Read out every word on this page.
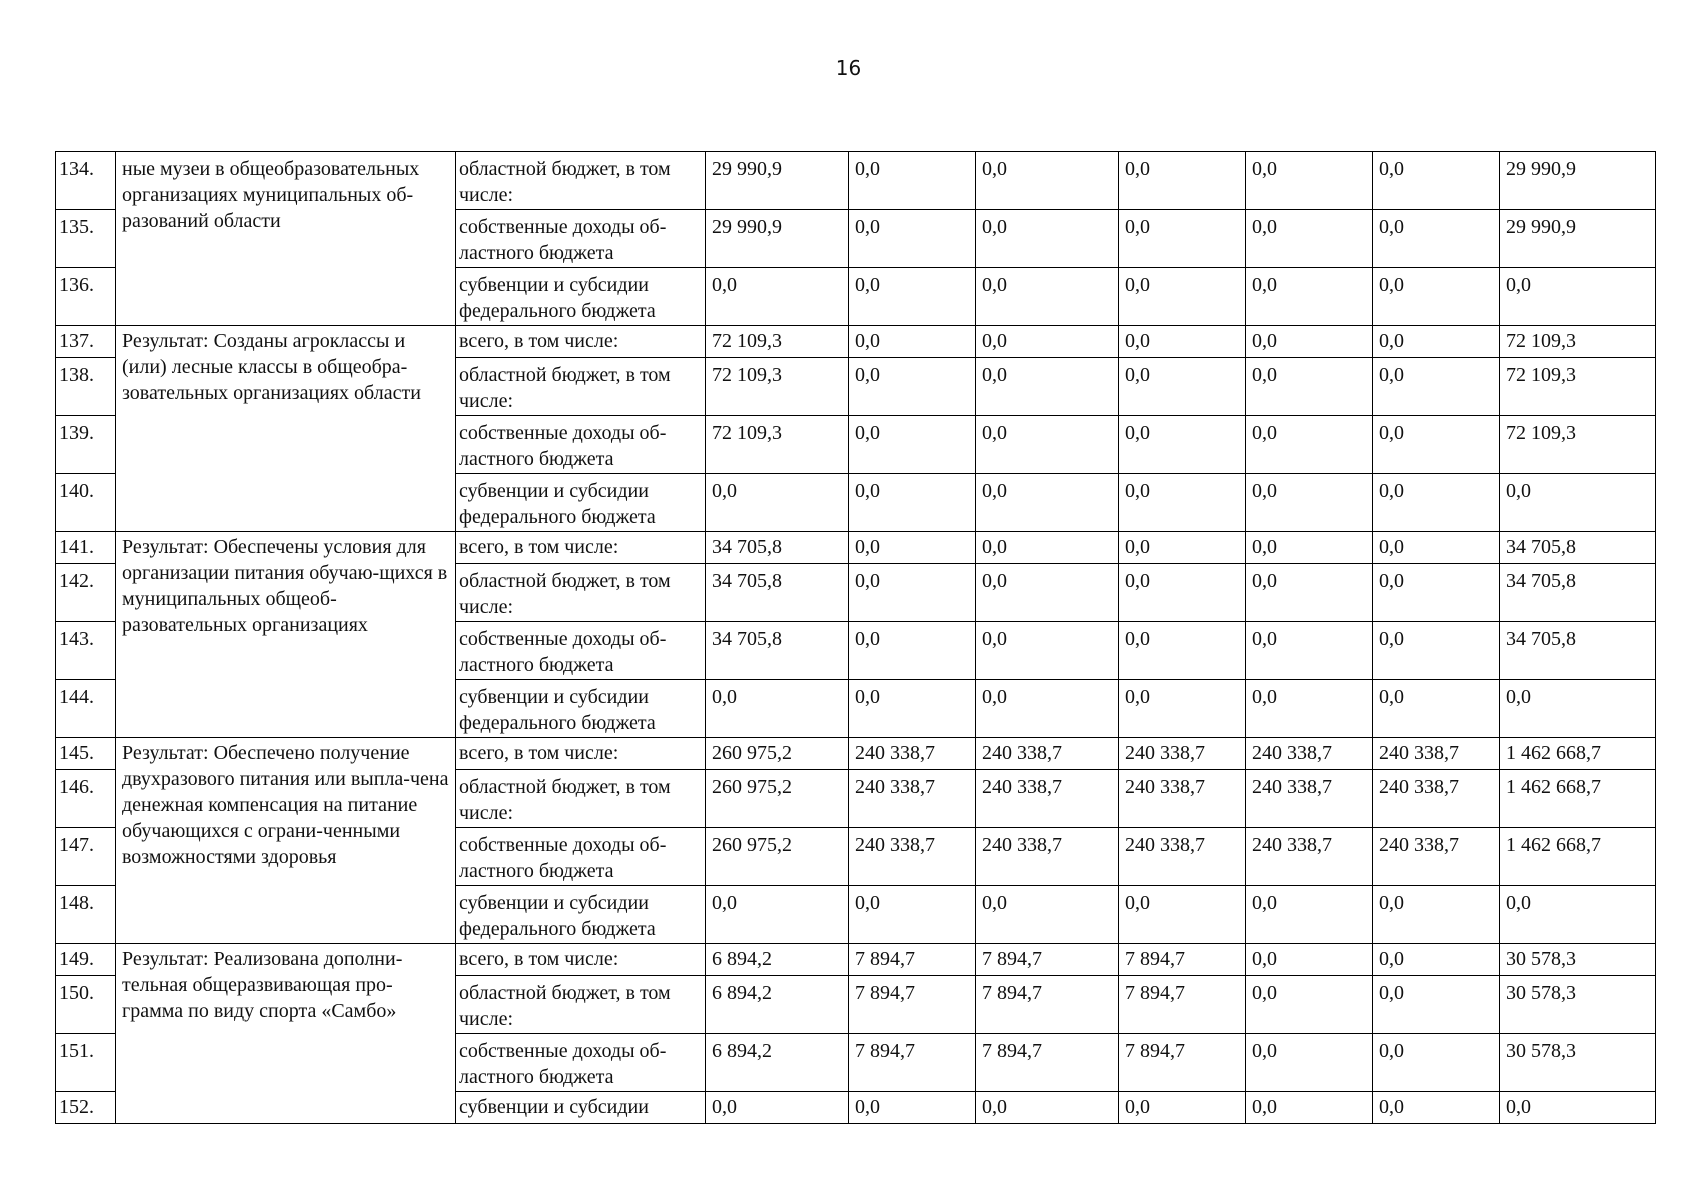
16
134.	ные музеи в общеобразовательных организациях муниципальных об-разований области	областной бюджет, в том числе:	29 990,9	0,0	0,0	0,0	0,0	0,0	29 990,9
135.		собственные доходы об-ластного бюджета	29 990,9	0,0	0,0	0,0	0,0	0,0	29 990,9
136.		субвенции и субсидии федерального бюджета	0,0	0,0	0,0	0,0	0,0	0,0	0,0
137.	Результат: Созданы агроклассы и (или) лесные классы в общеобра-зовательных организациях области	всего, в том числе:	72 109,3	0,0	0,0	0,0	0,0	0,0	72 109,3
138.		областной бюджет, в том числе:	72 109,3	0,0	0,0	0,0	0,0	0,0	72 109,3
139.		собственные доходы об-ластного бюджета	72 109,3	0,0	0,0	0,0	0,0	0,0	72 109,3
140.		субвенции и субсидии федерального бюджета	0,0	0,0	0,0	0,0	0,0	0,0	0,0
141.	Результат: Обеспечены условия для организации питания обучаю-щихся в муниципальных общеоб-разовательных организациях	всего, в том числе:	34 705,8	0,0	0,0	0,0	0,0	0,0	34 705,8
142.		областной бюджет, в том числе:	34 705,8	0,0	0,0	0,0	0,0	0,0	34 705,8
143.		собственные доходы об-ластного бюджета	34 705,8	0,0	0,0	0,0	0,0	0,0	34 705,8
144.		субвенции и субсидии федерального бюджета	0,0	0,0	0,0	0,0	0,0	0,0	0,0
145.	Результат: Обеспечено получение двухразового питания или выпла-чена денежная компенсация на питание обучающихся с ограни-ченными возможностями здоровья	всего, в том числе:	260 975,2	240 338,7	240 338,7	240 338,7	240 338,7	240 338,7	1 462 668,7
146.		областной бюджет, в том числе:	260 975,2	240 338,7	240 338,7	240 338,7	240 338,7	240 338,7	1 462 668,7
147.		собственные доходы об-ластного бюджета	260 975,2	240 338,7	240 338,7	240 338,7	240 338,7	240 338,7	1 462 668,7
148.		субвенции и субсидии федерального бюджета	0,0	0,0	0,0	0,0	0,0	0,0	0,0
149.	Результат: Реализована дополни-тельная общеразвивающая про-грамма по виду спорта «Самбо»	всего, в том числе:	6 894,2	7 894,7	7 894,7	7 894,7	0,0	0,0	30 578,3
150.		областной бюджет, в том числе:	6 894,2	7 894,7	7 894,7	7 894,7	0,0	0,0	30 578,3
151.		собственные доходы об-ластного бюджета	6 894,2	7 894,7	7 894,7	7 894,7	0,0	0,0	30 578,3
152.		субвенции и субсидии	0,0	0,0	0,0	0,0	0,0	0,0	0,0
